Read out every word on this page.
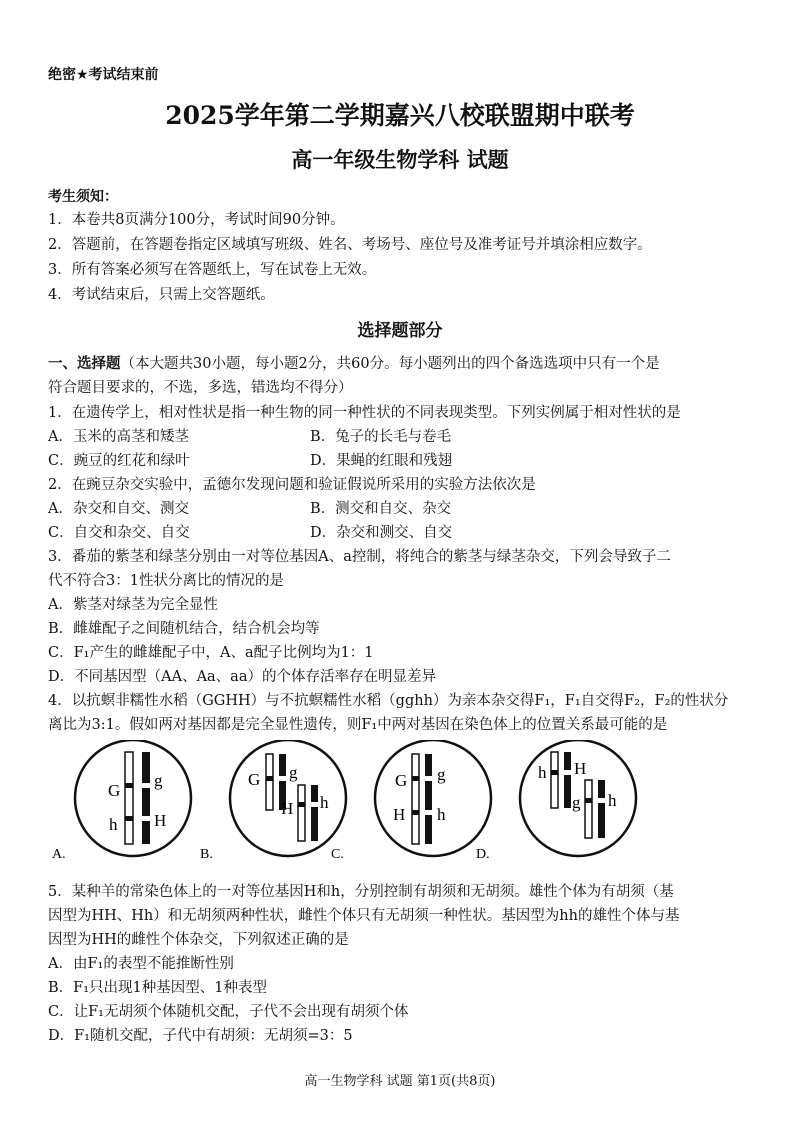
绝密★考试结束前
2025学年第二学期嘉兴八校联盟期中联考
高一年级生物学科 试题
考生须知：
1．本卷共8页满分100分，考试时间90分钟。
2．答题前，在答题卷指定区域填写班级、姓名、考场号、座位号及准考证号并填涂相应数字。
3．所有答案必须写在答题纸上，写在试卷上无效。
4．考试结束后，只需上交答题纸。
选择题部分
一、选择题（本大题共30小题，每小题2分，共60分。每小题列出的四个备选选项中只有一个是
符合题目要求的，不选，多选，错选均不得分）
1．在遗传学上，相对性状是指一种生物的同一种性状的不同表现类型。下列实例属于相对性状的是
A．玉米的高茎和矮茎	B．兔子的长毛与卷毛
C．豌豆的红花和绿叶	D．果蝇的红眼和残翅
2．在豌豆杂交实验中，孟德尔发现问题和验证假说所采用的实验方法依次是
A．杂交和自交、测交	B．测交和自交、杂交
C．自交和杂交、自交	D．杂交和测交、自交
3．番茄的紫茎和绿茎分别由一对等位基因A、a控制，将纯合的紫茎与绿茎杂交，下列会导致子二
代不符合3：1性状分离比的情况的是
A．紫茎对绿茎为完全显性
B．雌雄配子之间随机结合，结合机会均等
C．F₁产生的雌雄配子中，A、a配子比例均为1：1
D．不同基因型（AA、Aa、aa）的个体存活率存在明显差异
4．以抗螟非糯性水稻（GGHH）与不抗螟糯性水稻（gghh）为亲本杂交得F₁，F₁自交得F₂，F₂的性状分
离比为3:1。假如两对基因都是完全显性遗传，则F₁中两对基因在染色体上的位置关系最可能的是
G
h
g
H
A.
G g
H h
B.
G g
H h
C.
h H
g h
D.
5．某种羊的常染色体上的一对等位基因H和h，分别控制有胡须和无胡须。雄性个体为有胡须（基
因型为HH、Hh）和无胡须两种性状，雌性个体只有无胡须一种性状。基因型为hh的雄性个体与基
因型为HH的雌性个体杂交，下列叙述正确的是
A．由F₁的表型不能推断性别
B．F₁只出现1种基因型、1种表型
C．让F₁无胡须个体随机交配，子代不会出现有胡须个体
D．F₁随机交配，子代中有胡须：无胡须=3：5
高一生物学科 试题 第1页(共8页)
